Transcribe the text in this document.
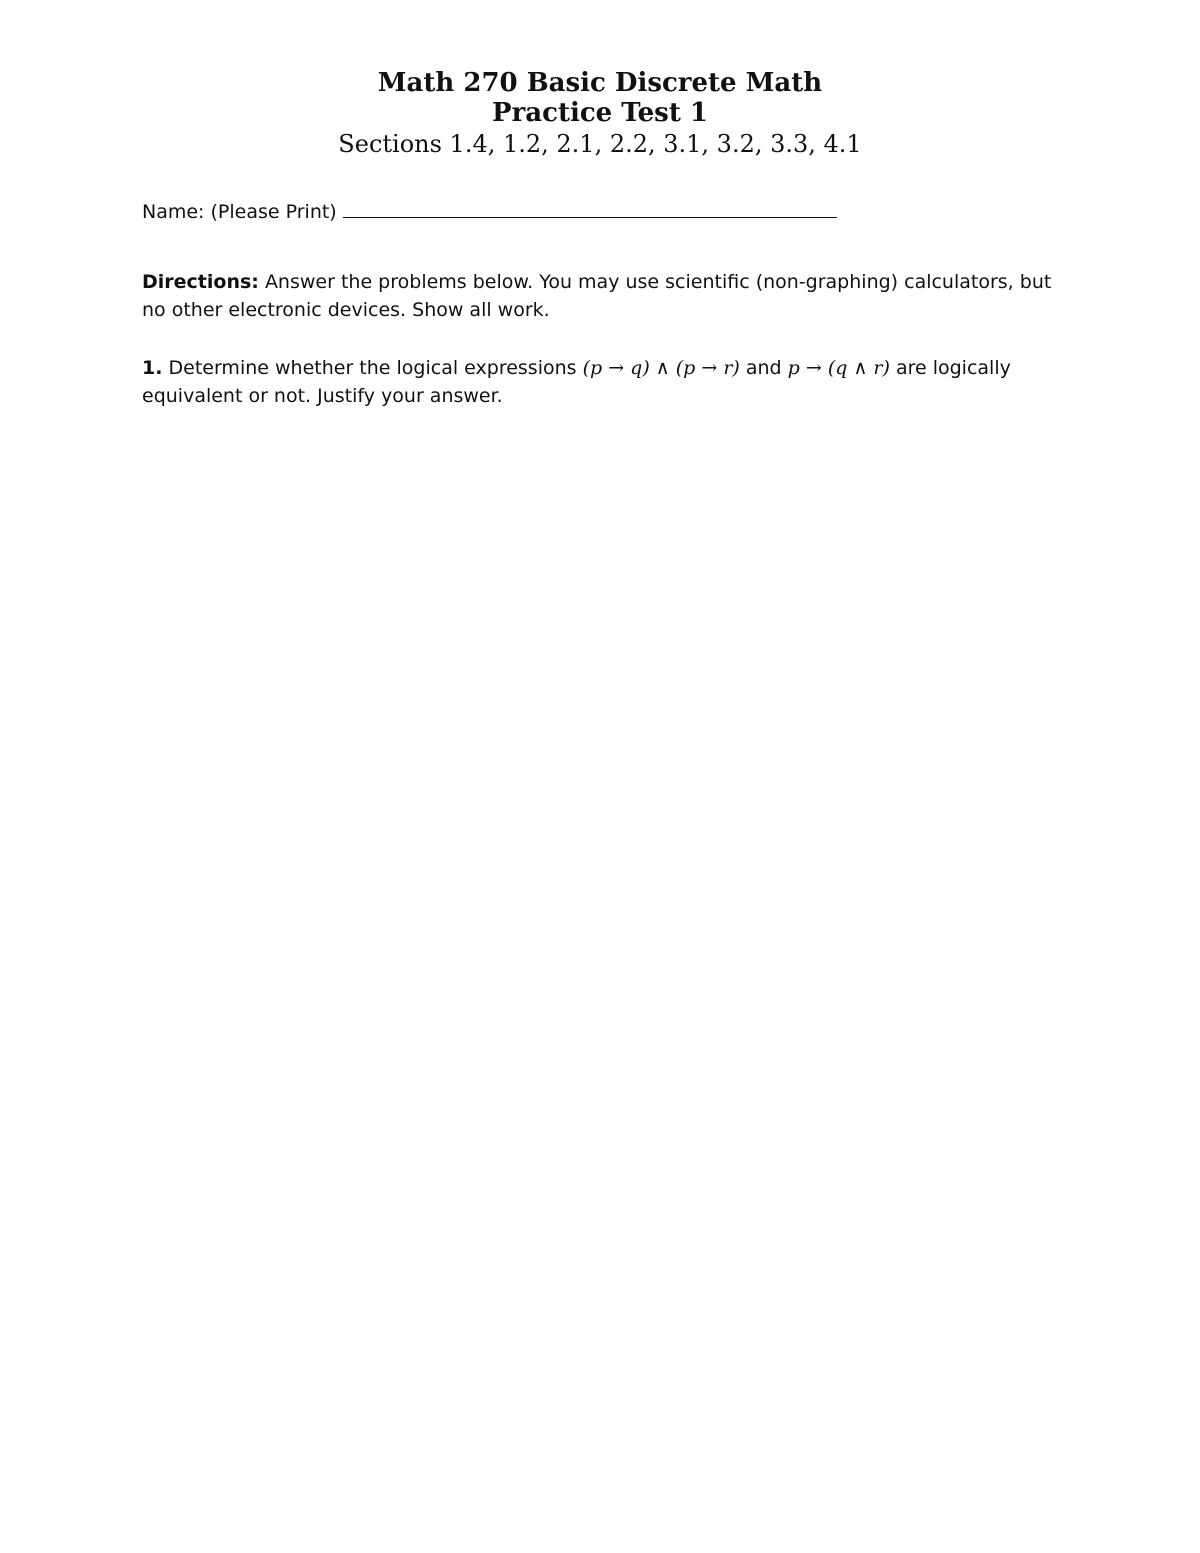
Math 270 Basic Discrete Math
Practice Test 1
Sections 1.4, 1.2, 2.1, 2.2, 3.1, 3.2, 3.3, 4.1
Name: (Please Print)
Directions: Answer the problems below. You may use scientific (non-graphing) calculators, but no other electronic devices. Show all work.
1. Determine whether the logical expressions (p → q) ∧ (p → r) and p → (q ∧ r) are logically equivalent or not. Justify your answer.
